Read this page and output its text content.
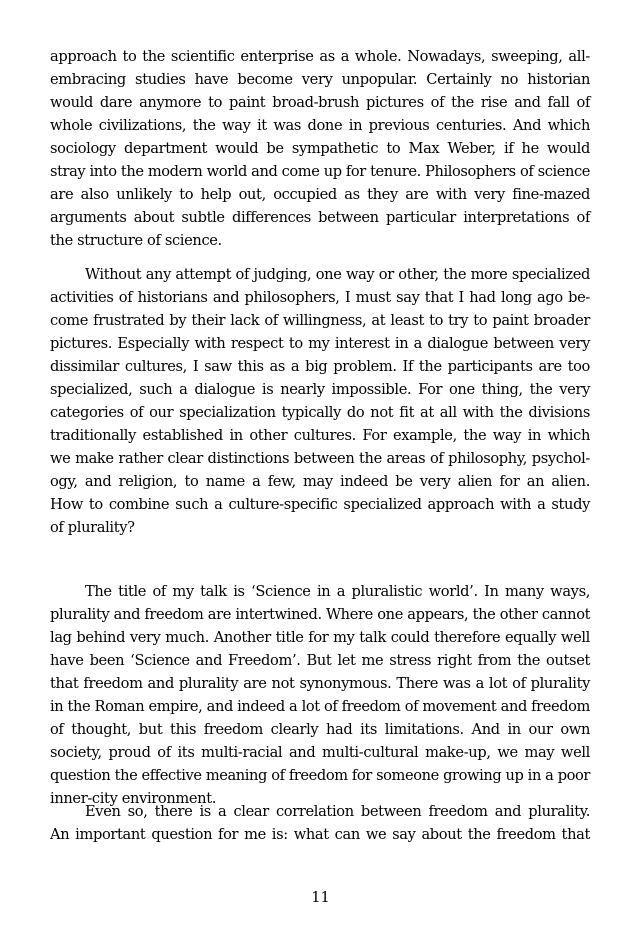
approach to the scientific enterprise as a whole. Nowadays, sweeping, all-
embracing studies have become very unpopular. Certainly no historian
would dare anymore to paint broad-brush pictures of the rise and fall of
whole civilizations, the way it was done in previous centuries. And which
sociology department would be sympathetic to Max Weber, if he would
stray into the modern world and come up for tenure. Philosophers of science
are also unlikely to help out, occupied as they are with very fine-mazed
arguments about subtle differences between particular interpretations of
the structure of science.
Without any attempt of judging, one way or other, the more specialized
activities of historians and philosophers, I must say that I had long ago be-
come frustrated by their lack of willingness, at least to try to paint broader
pictures. Especially with respect to my interest in a dialogue between very
dissimilar cultures, I saw this as a big problem. If the participants are too
specialized, such a dialogue is nearly impossible. For one thing, the very
categories of our specialization typically do not fit at all with the divisions
traditionally established in other cultures. For example, the way in which
we make rather clear distinctions between the areas of philosophy, psychol-
ogy, and religion, to name a few, may indeed be very alien for an alien.
How to combine such a culture-specific specialized approach with a study
of plurality?
The title of my talk is ‘Science in a pluralistic world’. In many ways,
plurality and freedom are intertwined. Where one appears, the other cannot
lag behind very much. Another title for my talk could therefore equally well
have been ‘Science and Freedom’. But let me stress right from the outset
that freedom and plurality are not synonymous. There was a lot of plurality
in the Roman empire, and indeed a lot of freedom of movement and freedom
of thought, but this freedom clearly had its limitations. And in our own
society, proud of its multi-racial and multi-cultural make-up, we may well
question the effective meaning of freedom for someone growing up in a poor
inner-city environment.
Even so, there is a clear correlation between freedom and plurality.
An important question for me is: what can we say about the freedom that
11
